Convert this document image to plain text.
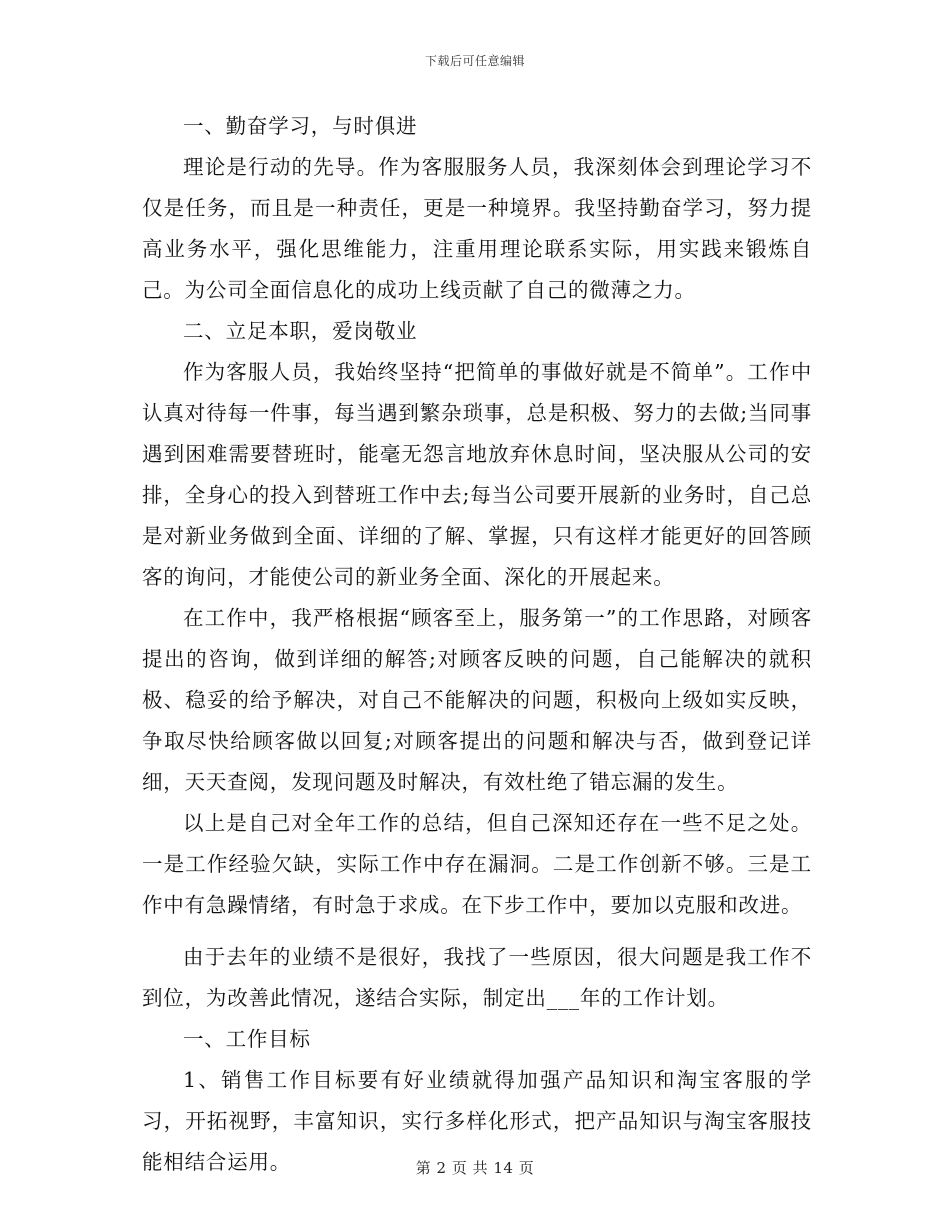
下载后可任意编辑

一、勤奋学习，与时俱进

理论是行动的先导。作为客服服务人员，我深刻体会到理论学习不仅是任务，而且是一种责任，更是一种境界。我坚持勤奋学习，努力提高业务水平，强化思维能力，注重用理论联系实际，用实践来锻炼自己。为公司全面信息化的成功上线贡献了自己的微薄之力。

二、立足本职，爱岗敬业

作为客服人员，我始终坚持“把简单的事做好就是不简单”。工作中认真对待每一件事，每当遇到繁杂琐事，总是积极、努力的去做;当同事遇到困难需要替班时，能毫无怨言地放弃休息时间，坚决服从公司的安排，全身心的投入到替班工作中去;每当公司要开展新的业务时，自己总是对新业务做到全面、详细的了解、掌握，只有这样才能更好的回答顾客的询问，才能使公司的新业务全面、深化的开展起来。

在工作中，我严格根据“顾客至上，服务第一”的工作思路，对顾客提出的咨询，做到详细的解答;对顾客反映的问题，自己能解决的就积极、稳妥的给予解决，对自己不能解决的问题，积极向上级如实反映，争取尽快给顾客做以回复;对顾客提出的问题和解决与否，做到登记详细，天天查阅，发现问题及时解决，有效杜绝了错忘漏的发生。

以上是自己对全年工作的总结，但自己深知还存在一些不足之处。一是工作经验欠缺，实际工作中存在漏洞。二是工作创新不够。三是工作中有急躁情绪，有时急于求成。在下步工作中，要加以克服和改进。

由于去年的业绩不是很好，我找了一些原因，很大问题是我工作不到位，为改善此情况，遂结合实际，制定出___年的工作计划。

一、工作目标

1、销售工作目标要有好业绩就得加强产品知识和淘宝客服的学习，开拓视野，丰富知识，实行多样化形式，把产品知识与淘宝客服技能相结合运用。	第 2 页 共 14 页
